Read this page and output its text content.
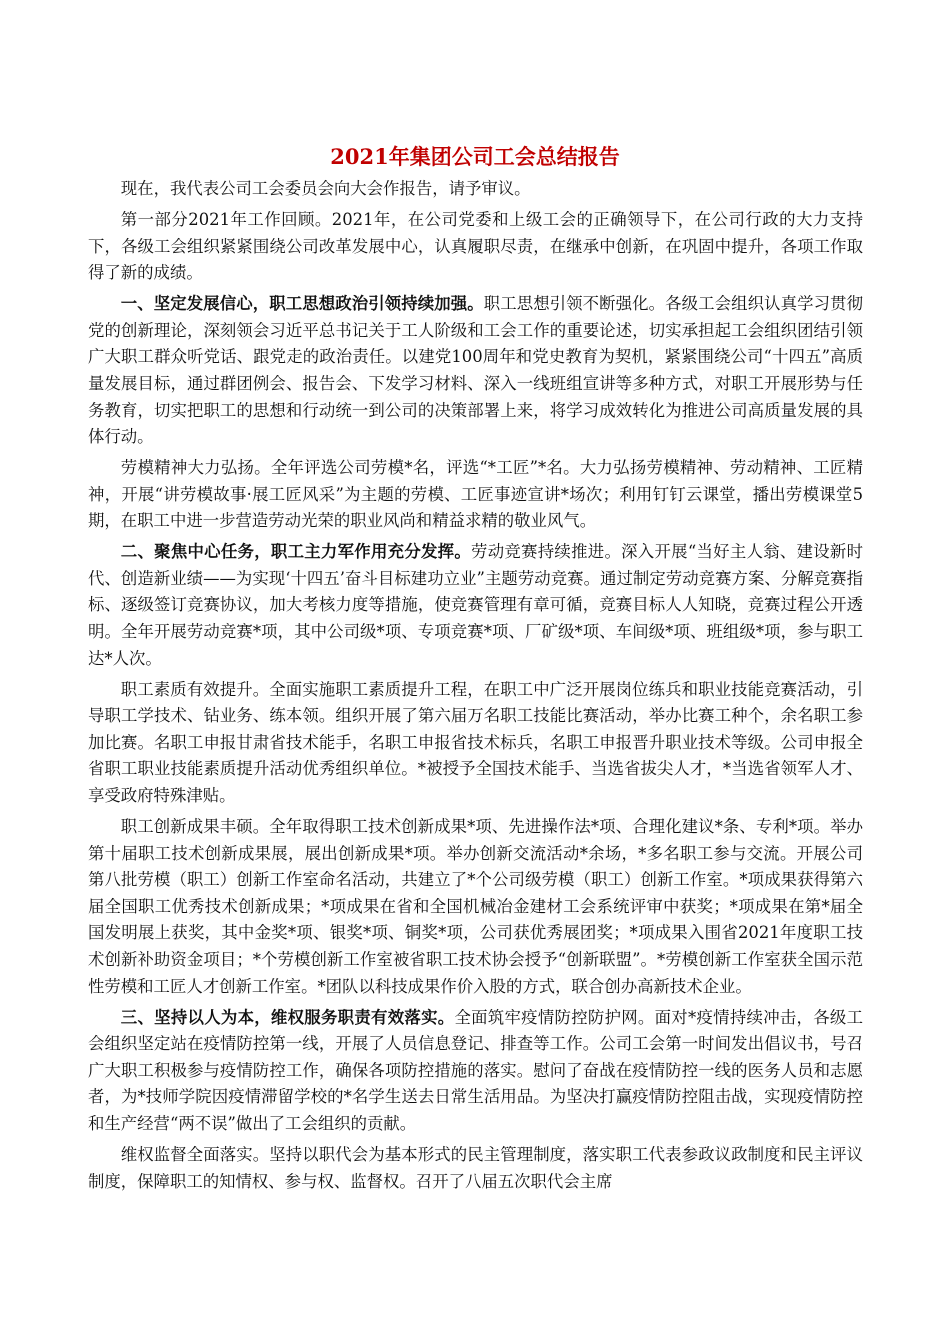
2021年集团公司工会总结报告

现在，我代表公司工会委员会向大会作报告，请予审议。

第一部分2021年工作回顾。2021年，在公司党委和上级工会的正确领导下，在公司行政的大力支持下，各级工会组织紧紧围绕公司改革发展中心，认真履职尽责，在继承中创新，在巩固中提升，各项工作取得了新的成绩。

一、坚定发展信心，职工思想政治引领持续加强。职工思想引领不断强化。各级工会组织认真学习贯彻党的创新理论，深刻领会习近平总书记关于工人阶级和工会工作的重要论述，切实承担起工会组织团结引领广大职工群众听党话、跟党走的政治责任。以建党100周年和党史教育为契机，紧紧围绕公司“十四五”高质量发展目标，通过群团例会、报告会、下发学习材料、深入一线班组宣讲等多种方式，对职工开展形势与任务教育，切实把职工的思想和行动统一到公司的决策部署上来，将学习成效转化为推进公司高质量发展的具体行动。

劳模精神大力弘扬。全年评选公司劳模*名，评选“*工匠”*名。大力弘扬劳模精神、劳动精神、工匠精神，开展“讲劳模故事·展工匠风采”为主题的劳模、工匠事迹宣讲*场次；利用钉钉云课堂，播出劳模课堂5期，在职工中进一步营造劳动光荣的职业风尚和精益求精的敬业风气。

二、聚焦中心任务，职工主力军作用充分发挥。劳动竞赛持续推进。深入开展“当好主人翁、建设新时代、创造新业绩——为实现‘十四五’奋斗目标建功立业”主题劳动竞赛。通过制定劳动竞赛方案、分解竞赛指标、逐级签订竞赛协议，加大考核力度等措施，使竞赛管理有章可循，竞赛目标人人知晓，竞赛过程公开透明。全年开展劳动竞赛*项，其中公司级*项、专项竞赛*项、厂矿级*项、车间级*项、班组级*项，参与职工达*人次。

职工素质有效提升。全面实施职工素质提升工程，在职工中广泛开展岗位练兵和职业技能竞赛活动，引导职工学技术、钻业务、练本领。组织开展了第六届万名职工技能比赛活动，举办比赛工种个，余名职工参加比赛。名职工申报甘肃省技术能手，名职工申报省技术标兵，名职工申报晋升职业技术等级。公司申报全省职工职业技能素质提升活动优秀组织单位。*被授予全国技术能手、当选省拔尖人才，*当选省领军人才、享受政府特殊津贴。

职工创新成果丰硕。全年取得职工技术创新成果*项、先进操作法*项、合理化建议*条、专利*项。举办第十届职工技术创新成果展，展出创新成果*项。举办创新交流活动*余场，*多名职工参与交流。开展公司第八批劳模（职工）创新工作室命名活动，共建立了*个公司级劳模（职工）创新工作室。*项成果获得第六届全国职工优秀技术创新成果；*项成果在省和全国机械冶金建材工会系统评审中获奖；*项成果在第*届全国发明展上获奖，其中金奖*项、银奖*项、铜奖*项，公司获优秀展团奖；*项成果入围省2021年度职工技术创新补助资金项目；*个劳模创新工作室被省职工技术协会授予“创新联盟”。*劳模创新工作室获全国示范性劳模和工匠人才创新工作室。*团队以科技成果作价入股的方式，联合创办高新技术企业。

三、坚持以人为本，维权服务职责有效落实。全面筑牢疫情防控防护网。面对*疫情持续冲击，各级工会组织坚定站在疫情防控第一线，开展了人员信息登记、排查等工作。公司工会第一时间发出倡议书，号召广大职工积极参与疫情防控工作，确保各项防控措施的落实。慰问了奋战在疫情防控一线的医务人员和志愿者，为*技师学院因疫情滞留学校的*名学生送去日常生活用品。为坚决打赢疫情防控阻击战，实现疫情防控和生产经营“两不误”做出了工会组织的贡献。

维权监督全面落实。坚持以职代会为基本形式的民主管理制度，落实职工代表参政议政制度和民主评议制度，保障职工的知情权、参与权、监督权。召开了八届五次职代会主席
